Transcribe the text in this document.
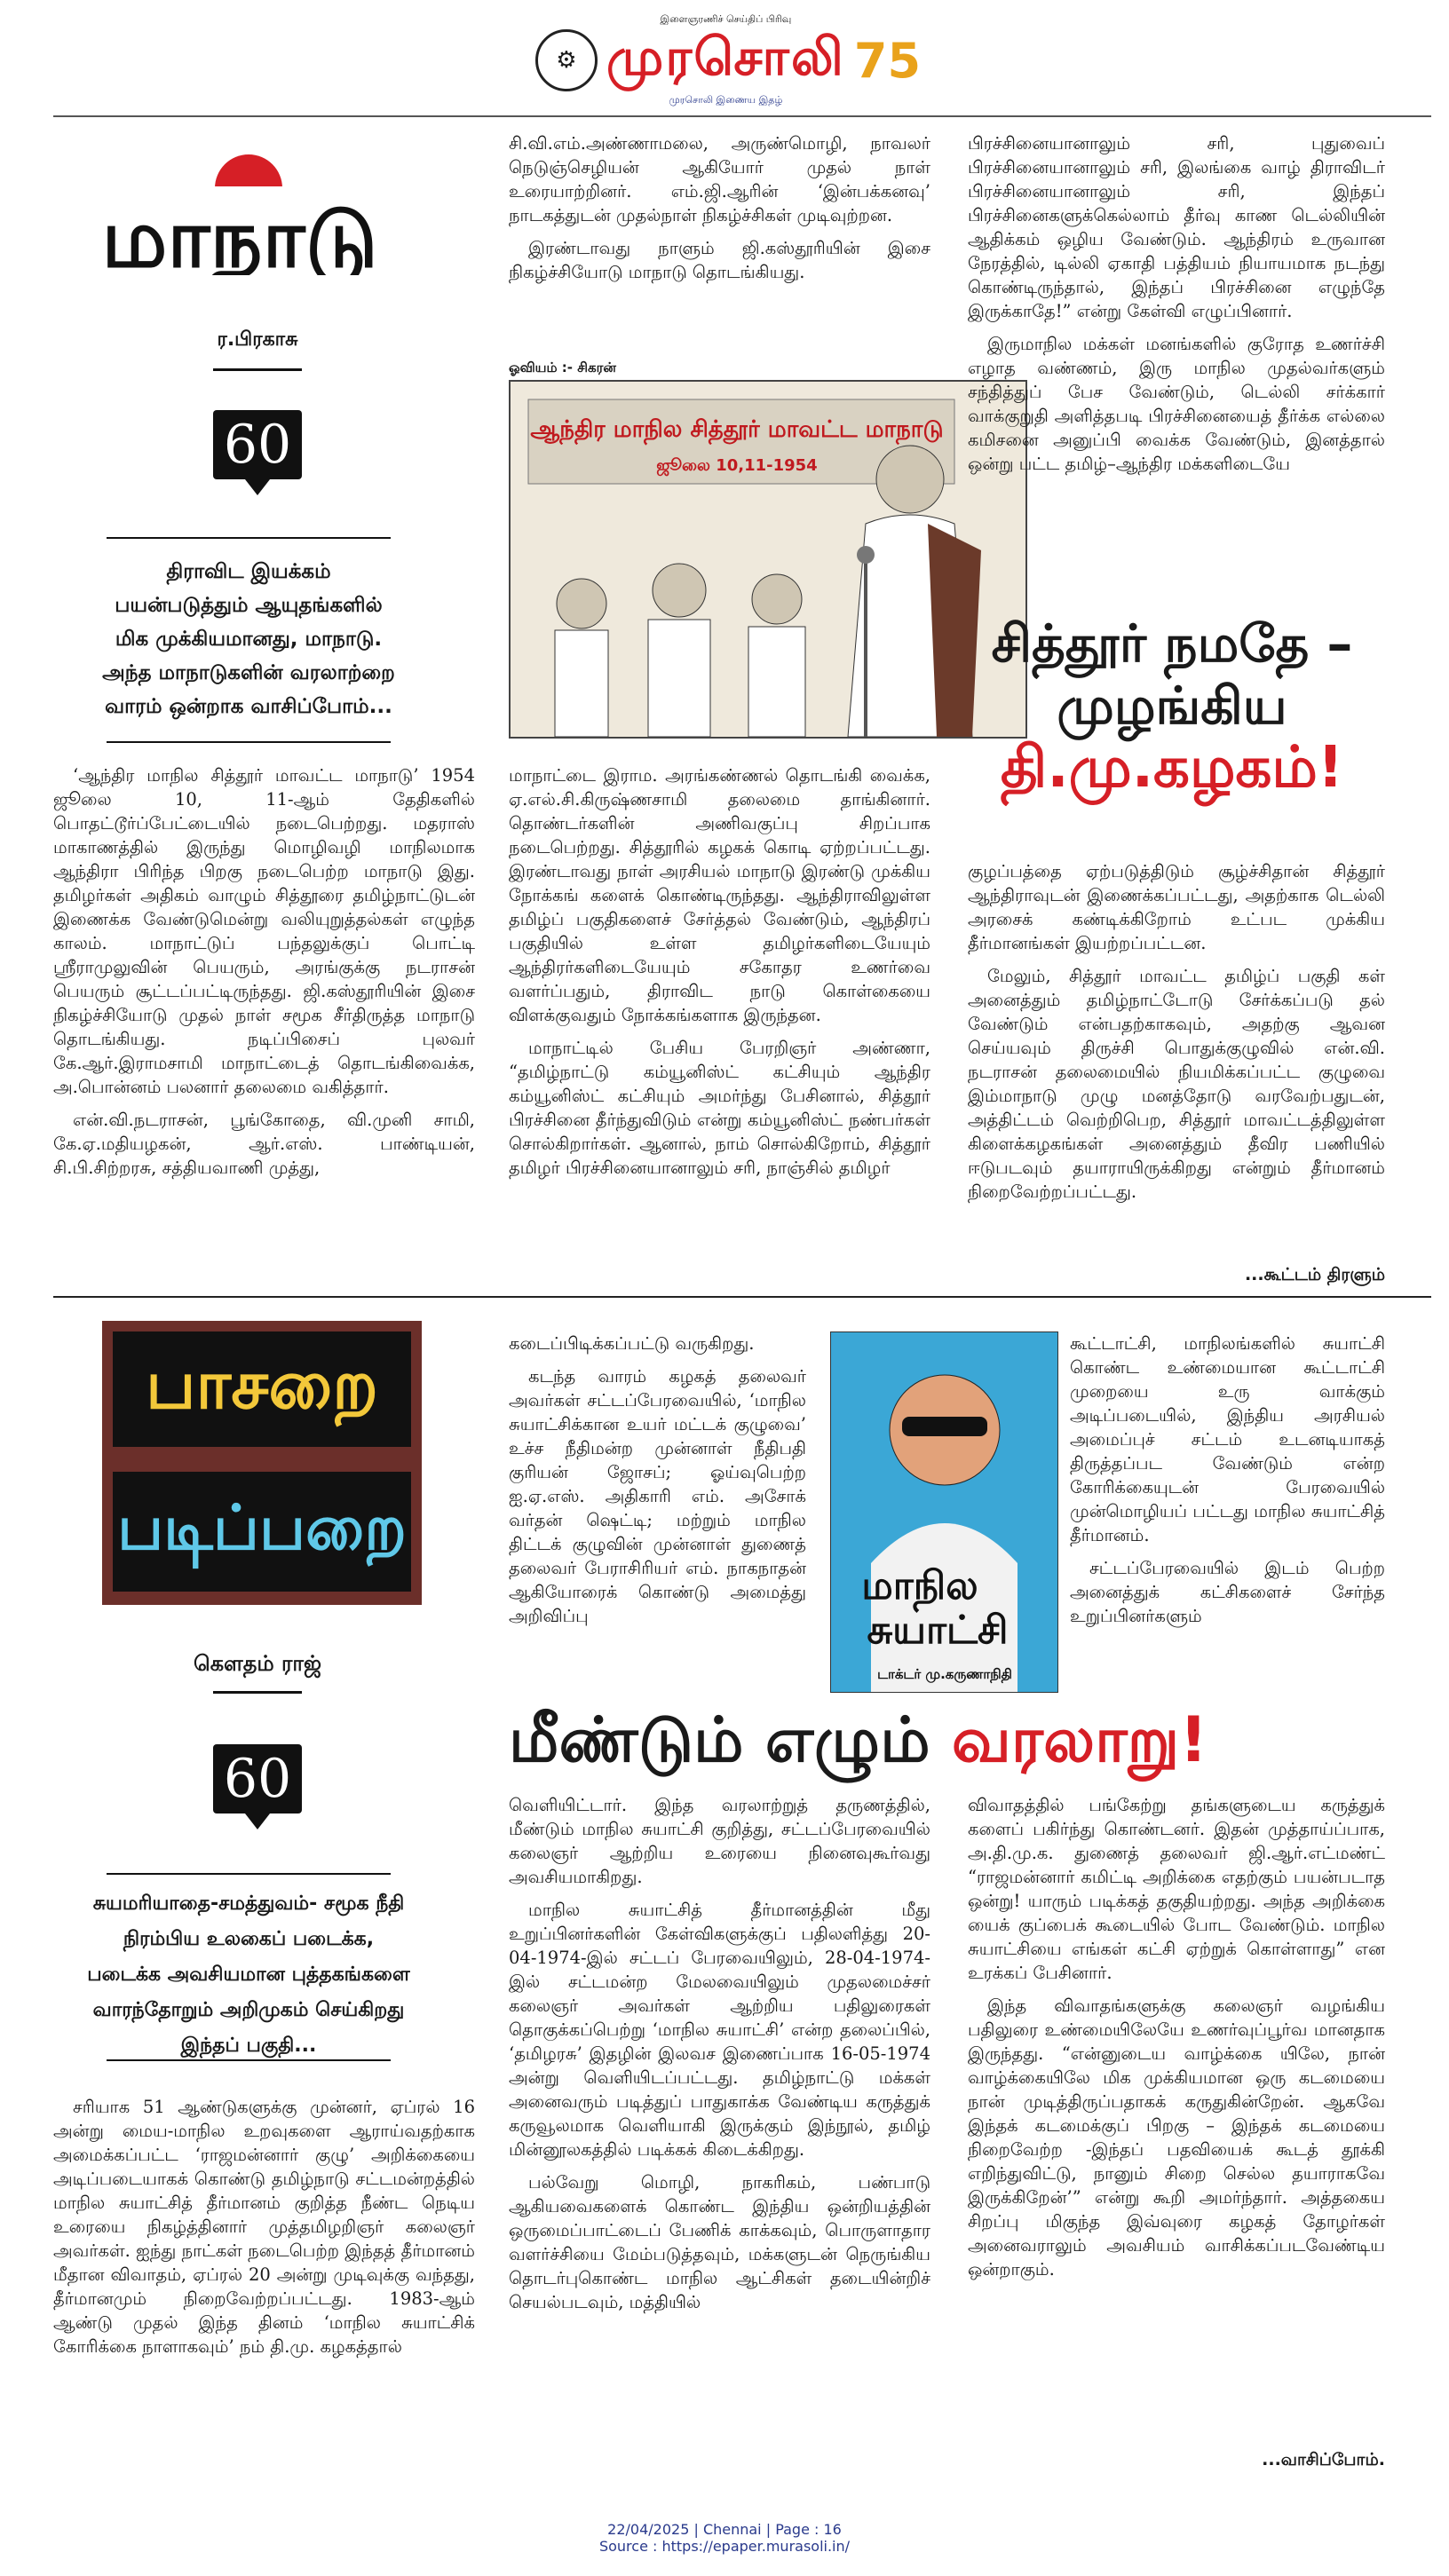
⚙
இளைஞரணிச் செய்திப் பிரிவு
முரசொலி
முரசொலி இணைய இதழ்
75
மாநாடு
ர.பிரகாசு
60
திராவிட இயக்கம் பயன்படுத்தும் ஆயுதங்களில் மிக முக்கியமானது, மாநாடு. அந்த மாநாடுகளின் வரலாற்றை வாரம் ஒன்றாக வாசிப்போம்...

‘ஆந்திர மாநில சித்தூர் மாவட்ட மாநாடு’ 1954 ஜூலை 10, 11-ஆம் தேதிகளில் பொதட்டூர்ப்பேட்டையில் நடைபெற்றது. மதராஸ் மாகாணத்தில் இருந்து மொழிவழி மாநிலமாக ஆந்திரா பிரிந்த பிறகு நடைபெற்ற மாநாடு இது. தமிழர்கள் அதிகம் வாழும் சித்தூரை தமிழ்நாட்டுடன் இணைக்க வேண்டுமென்று வலியுறுத்தல்கள் எழுந்த காலம். மாநாட்டுப் பந்தலுக்குப் பொட்டி ஸ்ரீராமுலுவின் பெயரும், அரங்குக்கு நடராசன் பெயரும் சூட்டப்பட்டிருந்தது. ஜி.கஸ்தூரியின் இசை நிகழ்ச்சியோடு முதல் நாள் சமூக சீர்திருத்த மாநாடு தொடங்கியது. நடிப்பிசைப் புலவர் கே.ஆர்.இராமசாமி மாநாட்டைத் தொடங்கிவைக்க, அ.பொன்னம் பலனார் தலைமை வகித்தார்.

என்.வி.நடராசன், பூங்கோதை, வி.முனி சாமி, கே.ஏ.மதியழகன், ஆர்.எஸ். பாண்டியன், சி.பி.சிற்றரசு, சத்தியவாணி முத்து,

சி.வி.எம்.அண்ணாமலை, அருண்மொழி, நாவலர் நெடுஞ்செழியன் ஆகியோர் முதல் நாள் உரையாற்றினர். எம்.ஜி.ஆரின் ‘இன்பக்கனவு’ நாடகத்துடன் முதல்நாள் நிகழ்ச்சிகள் முடிவுற்றன.

இரண்டாவது நாளும் ஜி.கஸ்தூரியின் இசை நிகழ்ச்சியோடு மாநாடு தொடங்கியது.

ஓவியம் :- சிகரன்
ஆந்திர மாநில சித்தூர் மாவட்ட மாநாடு
ஜூலை 10,11-1954

பிரச்சினையானாலும் சரி, புதுவைப் பிரச்சினையானாலும் சரி, இலங்கை வாழ் திராவிடர் பிரச்சினையானாலும் சரி, இந்தப் பிரச்சினைகளுக்கெல்லாம் தீர்வு காண டெல்லியின் ஆதிக்கம் ஒழிய வேண்டும். ஆந்திரம் உருவான நேரத்தில், டில்லி ஏகாதி பத்தியம் நியாயமாக நடந்து கொண்டிருந்தால், இந்தப் பிரச்சினை எழுந்தே இருக்காதே!” என்று கேள்வி எழுப்பினார்.

இருமாநில மக்கள் மனங்களில் குரோத உணர்ச்சி எழாத வண்ணம், இரு மாநில முதல்வர்களும் சந்தித்துப் பேச வேண்டும், டெல்லி சர்க்கார் வாக்குறுதி அளித்தபடி பிரச்சினையைத் தீர்க்க எல்லை கமிசனை அனுப்பி வைக்க வேண்டும், இனத்தால் ஒன்று பட்ட தமிழ்–ஆந்திர மக்களிடையே

சித்தூர் நமதே –
முழங்கிய
தி.மு.கழகம்!

மாநாட்டை இராம. அரங்கண்ணல் தொடங்கி வைக்க, ஏ.எல்.சி.கிருஷ்ணசாமி தலைமை தாங்கினார். தொண்டர்களின் அணிவகுப்பு சிறப்பாக நடைபெற்றது. சித்தூரில் கழகக் கொடி ஏற்றப்பட்டது. இரண்டாவது நாள் அரசியல் மாநாடு இரண்டு முக்கிய நோக்கங் களைக் கொண்டிருந்தது. ஆந்திராவிலுள்ள தமிழ்ப் பகுதிகளைச் சேர்த்தல் வேண்டும், ஆந்திரப் பகுதியில் உள்ள தமிழர்களிடையேயும் ஆந்திரர்களிடையேயும் சகோதர உணர்வை வளர்ப்பதும், திராவிட நாடு கொள்கையை விளக்குவதும் நோக்கங்களாக இருந்தன.

மாநாட்டில் பேசிய பேரறிஞர் அண்ணா, “தமிழ்நாட்டு கம்யூனிஸ்ட் கட்சியும் ஆந்திர கம்யூனிஸ்ட் கட்சியும் அமர்ந்து பேசினால், சித்தூர் பிரச்சினை தீர்ந்துவிடும் என்று கம்யூனிஸ்ட் நண்பர்கள் சொல்கிறார்கள். ஆனால், நாம் சொல்கிறோம், சித்தூர் தமிழர் பிரச்சினையானாலும் சரி, நாஞ்சில் தமிழர்

குழப்பத்தை ஏற்படுத்திடும் சூழ்ச்சிதான் சித்தூர் ஆந்திராவுடன் இணைக்கப்பட்டது, அதற்காக டெல்லி அரசைக் கண்டிக்கிறோம் உட்பட முக்கிய தீர்மானங்கள் இயற்றப்பட்டன.

மேலும், சித்தூர் மாவட்ட தமிழ்ப் பகுதி கள் அனைத்தும் தமிழ்நாட்டோடு சேர்க்கப்படு தல் வேண்டும் என்பதற்காகவும், அதற்கு ஆவன செய்யவும் திருச்சி பொதுக்குழுவில் என்.வி. நடராசன் தலைமையில் நியமிக்கப்பட்ட குழுவை இம்மாநாடு முழு மனத்தோடு வரவேற்பதுடன், அத்திட்டம் வெற்றிபெற, சித்தூர் மாவட்டத்திலுள்ள கிளைக்கழகங்கள் அனைத்தும் தீவிர பணியில் ஈடுபடவும் தயாராயிருக்கிறது என்றும் தீர்மானம் நிறைவேற்றப்பட்டது.

...கூட்டம் திரளும்
பாசறை
படிப்பறை
கௌதம் ராஜ்
60
சுயமரியாதை-சமத்துவம்- சமூக நீதி நிரம்பிய உலகைப் படைக்க, படைக்க அவசியமான புத்தகங்களை வாரந்தோறும் அறிமுகம் செய்கிறது இந்தப் பகுதி...

சரியாக 51 ஆண்டுகளுக்கு முன்னர், ஏப்ரல் 16 அன்று மைய-மாநில உறவுகளை ஆராய்வதற்காக அமைக்கப்பட்ட ‘ராஜமன்னார் குழு’ அறிக்கையை அடிப்படையாகக் கொண்டு தமிழ்நாடு சட்டமன்றத்தில் மாநில சுயாட்சித் தீர்மானம் குறித்த நீண்ட நெடிய உரையை நிகழ்த்தினார் முத்தமிழறிஞர் கலைஞர் அவர்கள். ஐந்து நாட்கள் நடைபெற்ற இந்தத் தீர்மானம் மீதான விவாதம், ஏப்ரல் 20 அன்று முடிவுக்கு வந்தது, தீர்மானமும் நிறைவேற்றப்பட்டது. 1983-ஆம் ஆண்டு முதல் இந்த தினம் ‘மாநில சுயாட்சிக் கோரிக்கை நாளாகவும்’ நம் தி.மு. கழகத்தால்

கடைப்பிடிக்கப்பட்டு வருகிறது.

கடந்த வாரம் கழகத் தலைவர் அவர்கள் சட்டப்பேரவையில், ‘மாநில சுயாட்சிக்கான உயர் மட்டக் குழுவை’ உச்ச நீதிமன்ற முன்னாள் நீதிபதி குரியன் ஜோசப்; ஓய்வுபெற்ற ஐ.ஏ.எஸ். அதிகாரி எம். அசோக் வர்தன் ஷெட்டி; மற்றும் மாநில திட்டக் குழுவின் முன்னாள் துணைத் தலைவர் பேராசிரியர் எம். நாகநாதன் ஆகியோரைக் கொண்டு அமைத்து அறிவிப்பு

மாநில
சுயாட்சி
டாக்டர் மு.கருணாநிதி

கூட்டாட்சி, மாநிலங்களில் சுயாட்சி கொண்ட உண்மையான கூட்டாட்சி முறையை உரு வாக்கும் அடிப்படையில், இந்திய அரசியல் அமைப்புச் சட்டம் உடனடியாகத் திருத்தப்பட வேண்டும் என்ற கோரிக்கையுடன் பேரவையில் முன்மொழியப் பட்டது மாநில சுயாட்சித் தீர்மானம்.

சட்டப்பேரவையில் இடம் பெற்ற அனைத்துக் கட்சிகளைச் சேர்ந்த உறுப்பினர்களும்

மீண்டும் எழும் வரலாறு!

வெளியிட்டார். இந்த வரலாற்றுத் தருணத்தில், மீண்டும் மாநில சுயாட்சி குறித்து, சட்டப்பேரவையில் கலைஞர் ஆற்றிய உரையை நினைவுகூர்வது அவசியமாகிறது.

மாநில சுயாட்சித் தீர்மானத்தின் மீது உறுப்பினர்களின் கேள்விகளுக்குப் பதிலளித்து 20-04-1974-இல் சட்டப் பேரவையிலும், 28-04-1974-இல் சட்டமன்ற மேலவையிலும் முதலமைச்சர் கலைஞர் அவர்கள் ஆற்றிய பதிலுரைகள் தொகுக்கப்பெற்று ‘மாநில சுயாட்சி’ என்ற தலைப்பில், ‘தமிழரசு’ இதழின் இலவச இணைப்பாக 16-05-1974 அன்று வெளியிடப்பட்டது. தமிழ்நாட்டு மக்கள் அனைவரும் படித்துப் பாதுகாக்க வேண்டிய கருத்துக் கருவூலமாக வெளியாகி இருக்கும் இந்நூல், தமிழ் மின்னூலகத்தில் படிக்கக் கிடைக்கிறது.

பல்வேறு மொழி, நாகரிகம், பண்பாடு ஆகியவைகளைக் கொண்ட இந்திய ஒன்றியத்தின் ஒருமைப்பாட்டைப் பேணிக் காக்கவும், பொருளாதார வளர்ச்சியை மேம்படுத்தவும், மக்களுடன் நெருங்கிய தொடர்புகொண்ட மாநில ஆட்சிகள் தடையின்றிச் செயல்படவும், மத்தியில்

விவாதத்தில் பங்கேற்று தங்களுடைய கருத்துக் களைப் பகிர்ந்து கொண்டனர். இதன் முத்தாய்ப்பாக, அ.தி.மு.க. துணைத் தலைவர் ஜி.ஆர்.எட்மண்ட் “ராஜமன்னார் கமிட்டி அறிக்கை எதற்கும் பயன்படாத ஒன்று! யாரும் படிக்கத் தகுதியற்றது. அந்த அறிக்கை யைக் குப்பைக் கூடையில் போட வேண்டும். மாநில சுயாட்சியை எங்கள் கட்சி ஏற்றுக் கொள்ளாது” என உரக்கப் பேசினார்.

இந்த விவாதங்களுக்கு கலைஞர் வழங்கிய பதிலுரை உண்மையிலேயே உணர்வுப்பூர்வ மானதாக இருந்தது. “என்னுடைய வாழ்க்கை யிலே, நான் வாழ்க்கையிலே மிக முக்கியமான ஒரு கடமையை நான் முடித்திருப்பதாகக் கருதுகின்றேன். ஆகவே இந்தக் கடமைக்குப் பிறகு – இந்தக் கடமையை நிறைவேற்ற -இந்தப் பதவியைக் கூடத் தூக்கி எறிந்துவிட்டு, நானும் சிறை செல்ல தயாராகவே இருக்கிறேன்’” என்று கூறி அமர்ந்தார். அத்தகைய சிறப்பு மிகுந்த இவ்வுரை கழகத் தோழர்கள் அனைவராலும் அவசியம் வாசிக்கப்படவேண்டிய ஒன்றாகும்.

...வாசிப்போம்.
22/04/2025 | Chennai | Page : 16
Source : https://epaper.murasoli.in/
